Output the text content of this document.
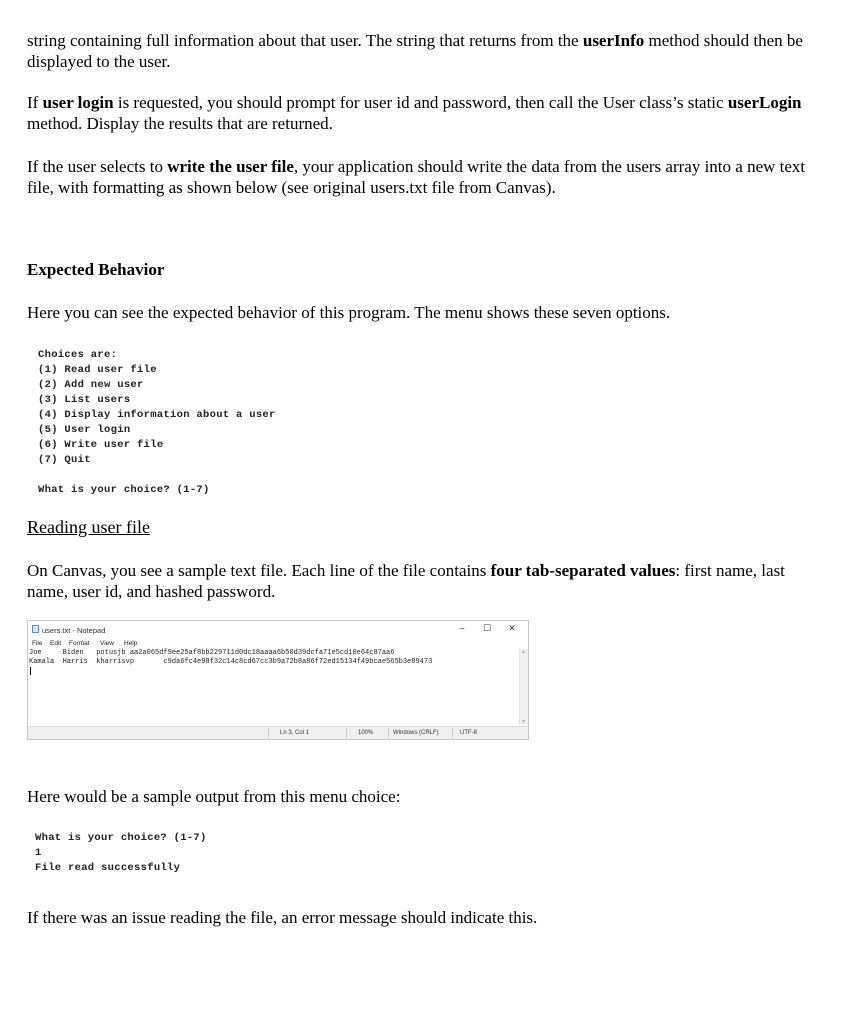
string containing full information about that user. The string that returns from the userInfo method should then be displayed to the user.

If user login is requested, you should prompt for user id and password, then call the User class’s static userLogin method. Display the results that are returned.

If the user selects to write the user file, your application should write the data from the users array into a new text file, with formatting as shown below (see original users.txt file from Canvas).

Expected Behavior

Here you can see the expected behavior of this program. The menu shows these seven options.

Choices are:
(1) Read user file
(2) Add new user
(3) List users
(4) Display information about a user
(5) User login
(6) Write user file
(7) Quit

What is your choice? (1-7)
Reading user file

On Canvas, you see a sample text file. Each line of the file contains four tab-separated values: first name, last name, user id, and hashed password.

users.txt - Notepad	–	☐	✕
File Edit Format View Help
Joe     Biden   potusjb aa2a065df9ee25af8bb229711d0dc18aaaa6b50d39dcfa71e5cd10e64c87aa6
Kamala  Harris  kharrisvp       c9da6fc4e98f32c14c8cd67cc3b9a72b8a86f72ed15134f49bcae565b3e89473
▲
▼
Ln 3, Col 1	100%	Windows (CRLF)	UTF-8

Here would be a sample output from this menu choice:

What is your choice? (1-7)
1
File read successfully

If there was an issue reading the file, an error message should indicate this.
